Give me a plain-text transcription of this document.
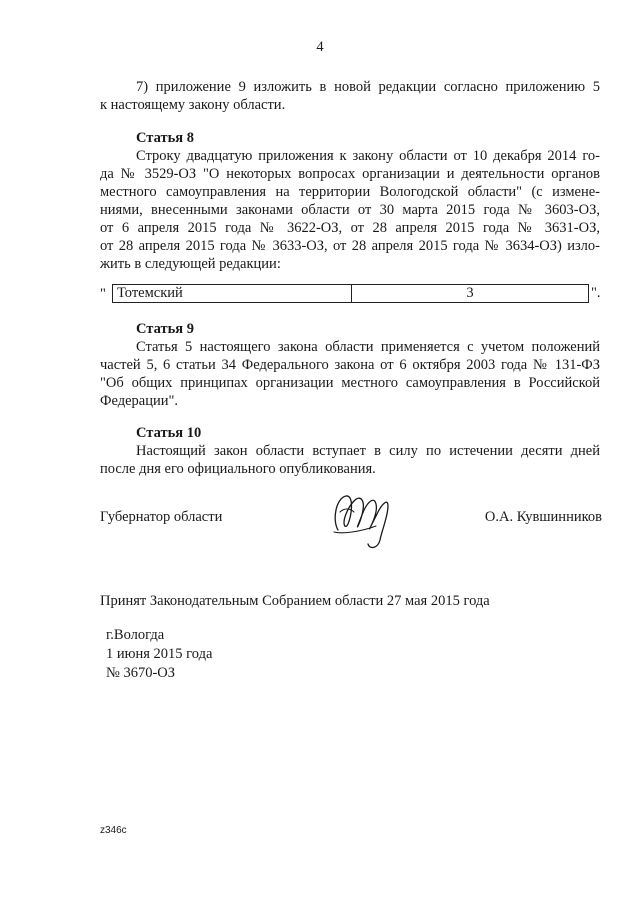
4
7) приложение 9 изложить в новой редакции согласно приложению 5
к настоящему закону области.
Статья 8
Строку двадцатую приложения к закону области от 10 декабря 2014 го-
да № 3529-ОЗ "О некоторых вопросах организации и деятельности органов
местного самоуправления на территории Вологодской области" (с измене-
ниями, внесенными законами области от 30 марта 2015 года № 3603-ОЗ,
от 6 апреля 2015 года № 3622-ОЗ, от 28 апреля 2015 года № 3631-ОЗ,
от 28 апреля 2015 года № 3633-ОЗ, от 28 апреля 2015 года № 3634-ОЗ) изло-
жить в следующей редакции:
" Тотемский	3	".
Статья 9
Статья 5 настоящего закона области применяется с учетом положений
частей 5, 6 статьи 34 Федерального закона от 6 октября 2003 года № 131-ФЗ
"Об общих принципах организации местного самоуправления в Российской
Федерации".
Статья 10
Настоящий закон области вступает в силу по истечении десяти дней
после дня его официального опубликования.
Губернатор области	О.А. Кувшинников
Принят Законодательным Собранием области 27 мая 2015 года
г.Вологда
1 июня 2015 года
№ 3670-ОЗ
z346c
